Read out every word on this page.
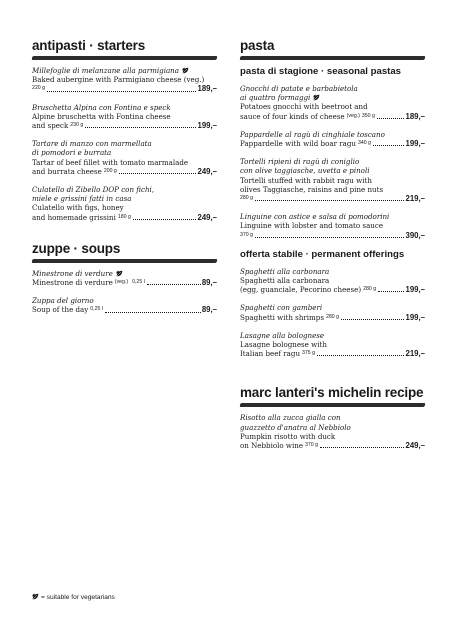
antipasti · starters
Millefoglie di melanzane alla parmigiana
Baked aubergine with Parmigiano cheese (veg.)
220 g	189,–
Bruschetta Alpina con Fontina e speck
Alpine bruschetta with Fontina cheese
and speck 230 g	199,–
Tartare di manzo con marmellata
di pomodori e burrata
Tartar of beef fillet with tomato marmalade
and burrata cheese 200 g	249,–
Culatello di Zibello DOP con fichi,
miele e grissini fatti in casa
Culatello with figs, honey
and homemade grissini 180 g	249,–
zuppe · soups
Minestrone di verdure
Minestrone di verdure (veg.) 0,25 l	89,–
Zuppa del giorno
Soup of the day 0,25 l	89,–
pasta
pasta di stagione · seasonal pastas
Gnocchi di patate e barbabietola
ai quattro formaggi
Potatoes gnocchi with beetroot and
sauce of four kinds of cheese (veg.) 350 g	189,–
Pappardelle al ragù di cinghiale toscano
Pappardelle with wild boar ragu 340 g	199,–
Tortelli ripieni di ragù di coniglio
con olive taggiasche, uvetta e pinoli
Tortelli stuffed with rabbit ragu with
olives Taggiasche, raisins and pine nuts
280 g	219,–
Linguine con astice e salsa di pomodorini
Linguine with lobster and tomato sauce
370 g	390,–
offerta stabile · permanent offerings
Spaghetti alla carbonara
Spaghetti alla carbonara
(egg, guanciale, Pecorino cheese) 280 g	199,–
Spaghetti con gamberi
Spaghetti with shrimps 280 g	199,–
Lasagne alla bolognese
Lasagne bolognese with
Italian beef ragu 375 g	219,–
marc lanteri's michelin recipe
Risotto alla zucca gialla con
guazzetto d'anatra al Nebbiolo
Pumpkin risotto with duck
on Nebbiolo wine 370 g	249,–
= suitable for vegetarians
